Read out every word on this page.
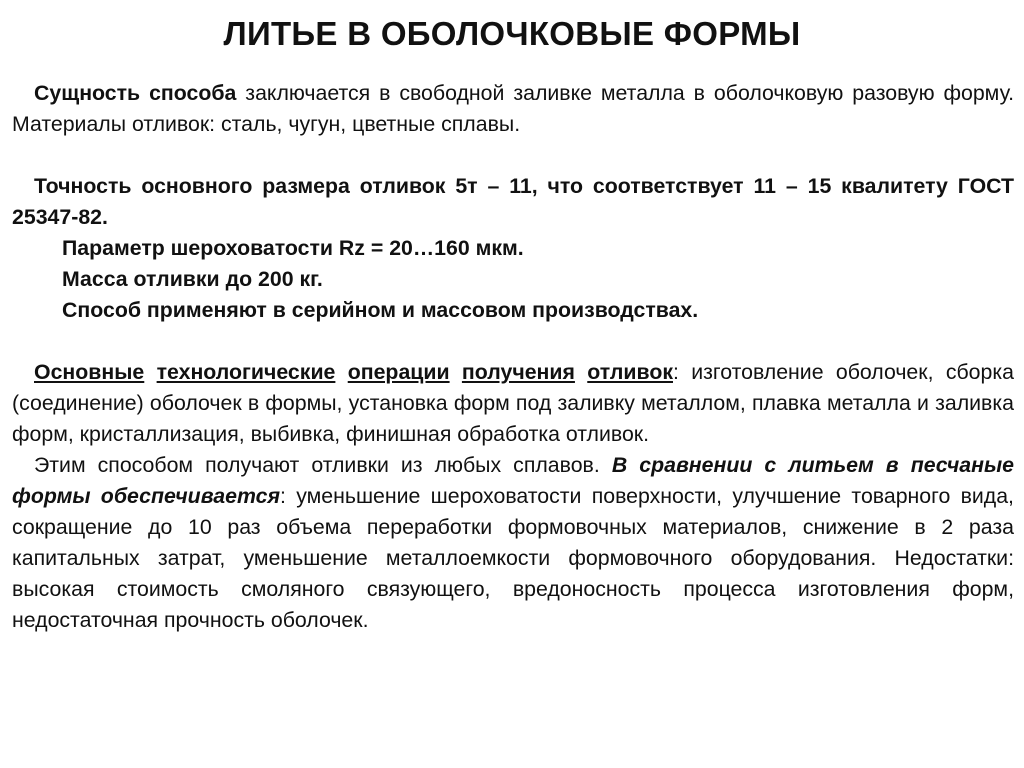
ЛИТЬЕ В ОБОЛОЧКОВЫЕ ФОРМЫ

Сущность способа заключается в свободной заливке металла в оболочковую разовую форму. Материалы отливок: сталь, чугун, цветные сплавы.

Точность основного размера отливок 5т – 11, что соответствует 11 – 15 квалитету ГОСТ 25347-82.

Параметр шероховатости Rz = 20…160 мкм.

Масса отливки до 200 кг.

Способ применяют в серийном и массовом производствах.

Основные технологические операции получения отливок: изготовление оболочек, сборка (соединение) оболочек в формы, установка форм под заливку металлом, плавка металла и заливка форм, кристаллизация, выбивка, финишная обработка отливок.

Этим способом получают отливки из любых сплавов. В сравнении с литьем в песчаные формы обеспечивается: уменьшение шероховатости поверхности, улучшение товарного вида, сокращение до 10 раз объема переработки формовочных материалов, снижение в 2 раза капитальных затрат, уменьшение металлоемкости формовочного оборудования. Недостатки: высокая стоимость смоляного связующего, вредоносность процесса изготовления форм, недостаточная прочность оболочек.
